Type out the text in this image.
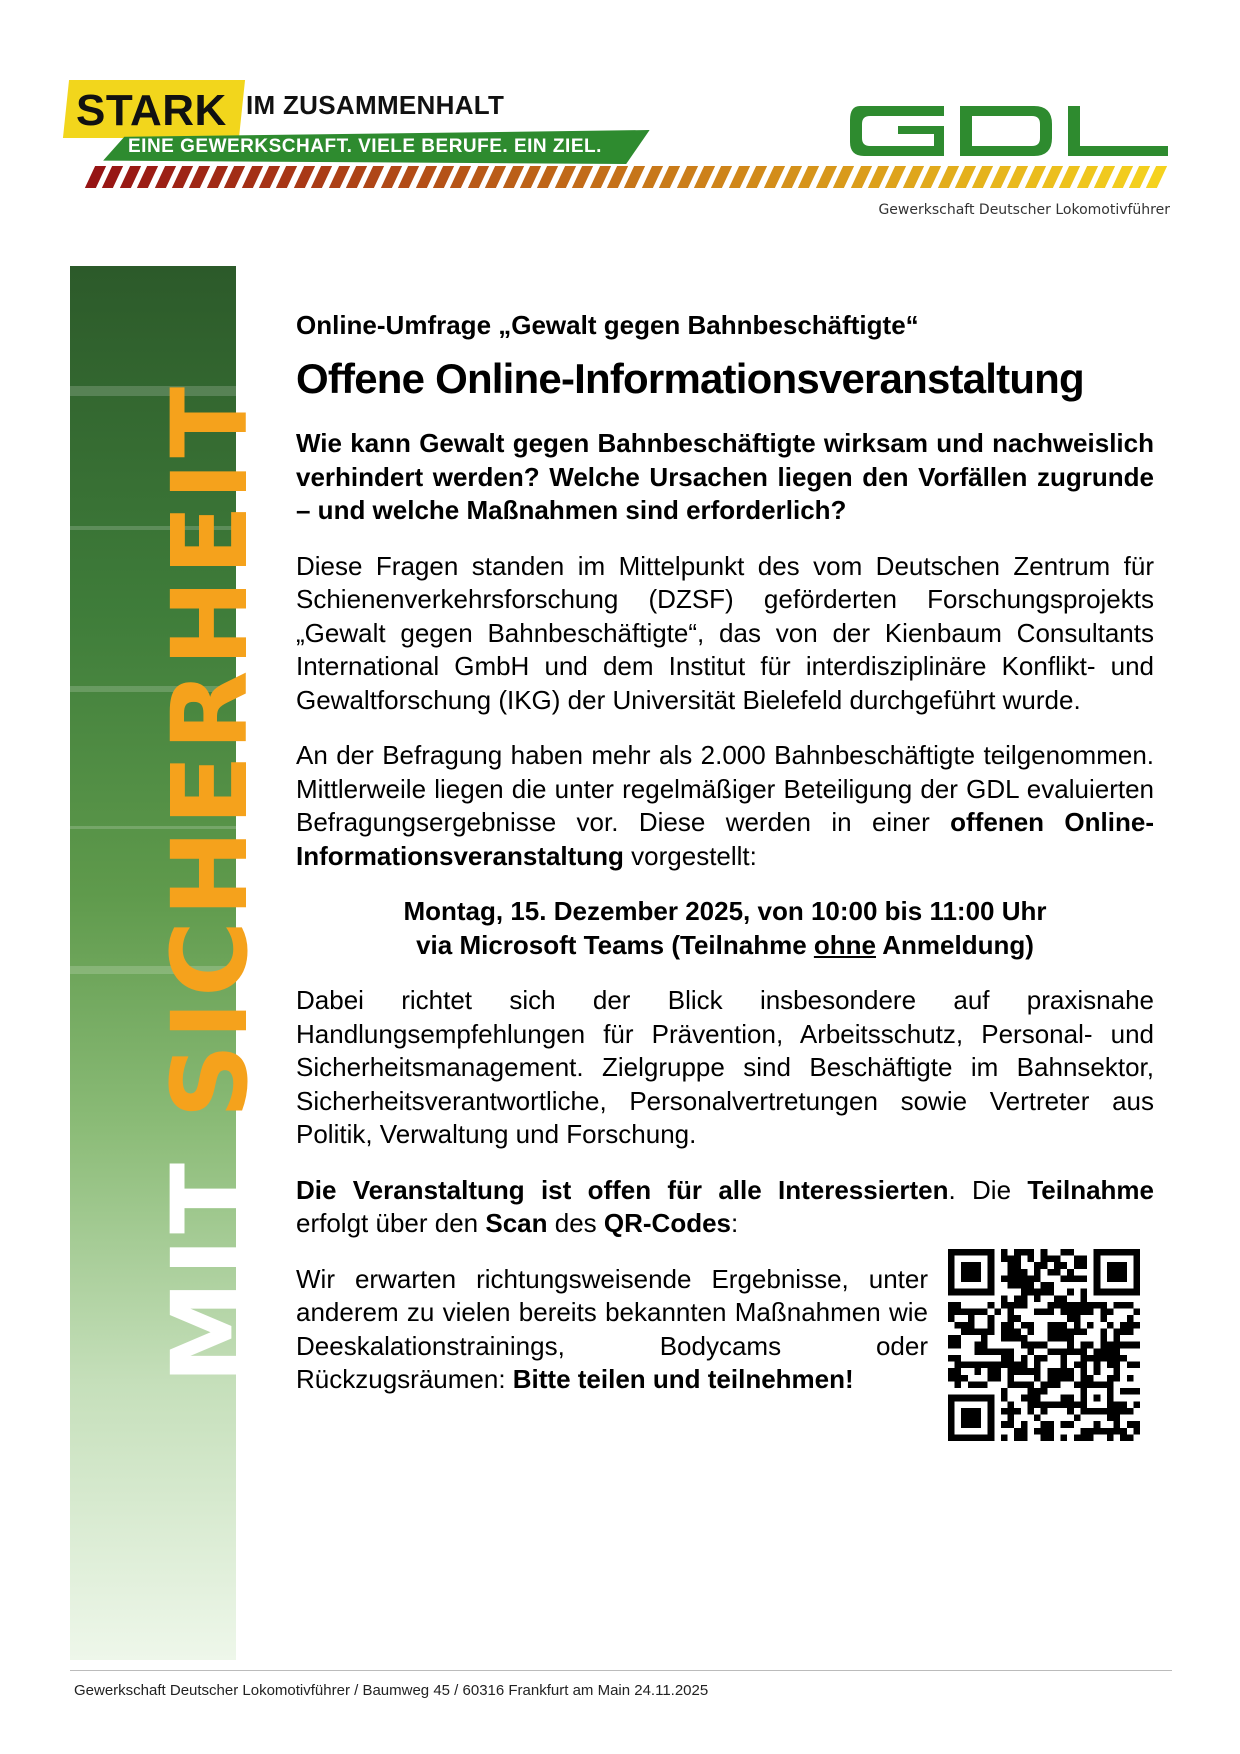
STARK IM ZUSAMMENHALT
EINE GEWERKSCHAFT. VIELE BERUFE. EIN ZIEL.
Gewerkschaft Deutscher Lokomotivführer
MIT SICHERHEIT
Online-Umfrage „Gewalt gegen Bahnbeschäftigte“
Offene Online-Informationsveranstaltung

Wie kann Gewalt gegen Bahnbeschäftigte wirksam und nachweislich verhindert werden? Welche Ursachen liegen den Vorfällen zugrunde – und welche Maßnahmen sind erforderlich?

Diese Fragen standen im Mittelpunkt des vom Deutschen Zentrum für Schienenverkehrsforschung (DZSF) geförderten Forschungsprojekts „Gewalt gegen Bahnbeschäftigte“, das von der Kienbaum Consultants International GmbH und dem Institut für interdisziplinäre Konflikt- und Gewaltforschung (IKG) der Universität Bielefeld durchgeführt wurde.

An der Befragung haben mehr als 2.000 Bahnbeschäftigte teilgenommen. Mittlerweile liegen die unter regelmäßiger Beteiligung der GDL evaluierten Befragungsergebnisse vor. Diese werden in einer offenen Online-Informationsveranstaltung vorgestellt:

Montag, 15. Dezember 2025, von 10:00 bis 11:00 Uhr
via Microsoft Teams (Teilnahme ohne Anmeldung)

Dabei richtet sich der Blick insbesondere auf praxisnahe Handlungsempfehlungen für Prävention, Arbeitsschutz, Personal- und Sicherheitsmanagement. Zielgruppe sind Beschäftigte im Bahnsektor, Sicherheitsverantwortliche, Personalvertretungen sowie Vertreter aus Politik, Verwaltung und Forschung.

Die Veranstaltung ist offen für alle Interessierten. Die Teilnahme erfolgt über den Scan des QR-Codes:

Wir erwarten richtungsweisende Ergebnisse, unter anderem zu vielen bereits bekannten Maßnahmen wie Deeskalationstrainings, Bodycams oder Rückzugsräumen: Bitte teilen und teilnehmen!

Gewerkschaft Deutscher Lokomotivführer / Baumweg 45 / 60316 Frankfurt am Main 24.11.2025
